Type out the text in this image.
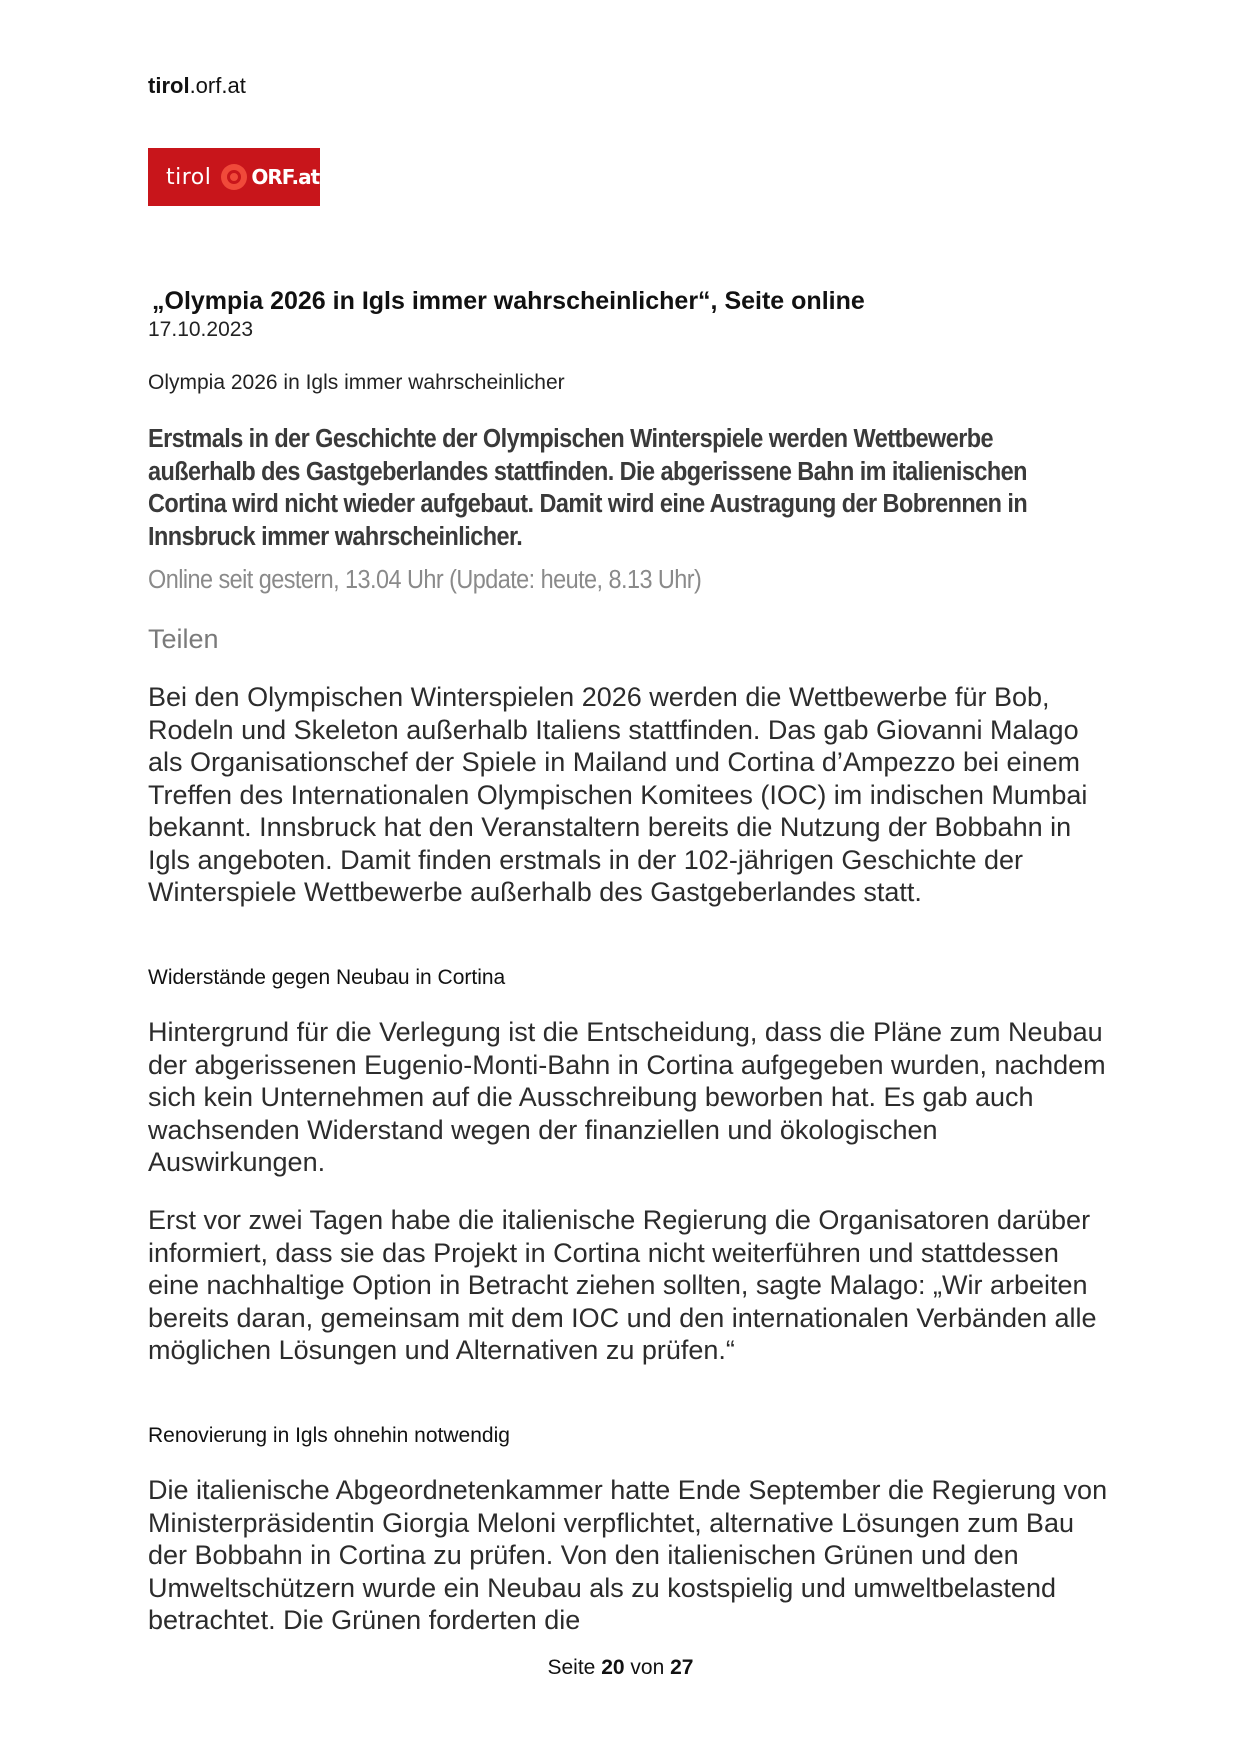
tirol.orf.at
tirol ORF.at
„Olympia 2026 in Igls immer wahrscheinlicher“, Seite online
17.10.2023
Olympia 2026 in Igls immer wahrscheinlicher
Erstmals in der Geschichte der Olympischen Winterspiele werden Wettbewerbe außerhalb des Gastgeberlandes stattfinden. Die abgerissene Bahn im italienischen Cortina wird nicht wieder aufgebaut. Damit wird eine Austragung der Bobrennen in Innsbruck immer wahrscheinlicher.
Online seit gestern, 13.04 Uhr (Update: heute, 8.13 Uhr)
Teilen
Bei den Olympischen Winterspielen 2026 werden die Wettbewerbe für Bob, Rodeln und Skeleton außerhalb Italiens stattfinden. Das gab Giovanni Malago als Organisationschef der Spiele in Mailand und Cortina d’Ampezzo bei einem Treffen des Internationalen Olympischen Komitees (IOC) im indischen Mumbai bekannt. Innsbruck hat den Veranstaltern bereits die Nutzung der Bobbahn in Igls angeboten. Damit finden erstmals in der 102-jährigen Geschichte der Winterspiele Wettbewerbe außerhalb des Gastgeberlandes statt.
Widerstände gegen Neubau in Cortina
Hintergrund für die Verlegung ist die Entscheidung, dass die Pläne zum Neubau der abgerissenen Eugenio-Monti-Bahn in Cortina aufgegeben wurden, nachdem sich kein Unternehmen auf die Ausschreibung beworben hat. Es gab auch wachsenden Widerstand wegen der finanziellen und ökologischen Auswirkungen.
Erst vor zwei Tagen habe die italienische Regierung die Organisatoren darüber informiert, dass sie das Projekt in Cortina nicht weiterführen und stattdessen eine nachhaltige Option in Betracht ziehen sollten, sagte Malago: „Wir arbeiten bereits daran, gemeinsam mit dem IOC und den internationalen Verbänden alle möglichen Lösungen und Alternativen zu prüfen.“
Renovierung in Igls ohnehin notwendig
Die italienische Abgeordnetenkammer hatte Ende September die Regierung von Ministerpräsidentin Giorgia Meloni verpflichtet, alternative Lösungen zum Bau der Bobbahn in Cortina zu prüfen. Von den italienischen Grünen und den Umweltschützern wurde ein Neubau als zu kostspielig und umweltbelastend betrachtet. Die Grünen forderten die
Seite 20 von 27
